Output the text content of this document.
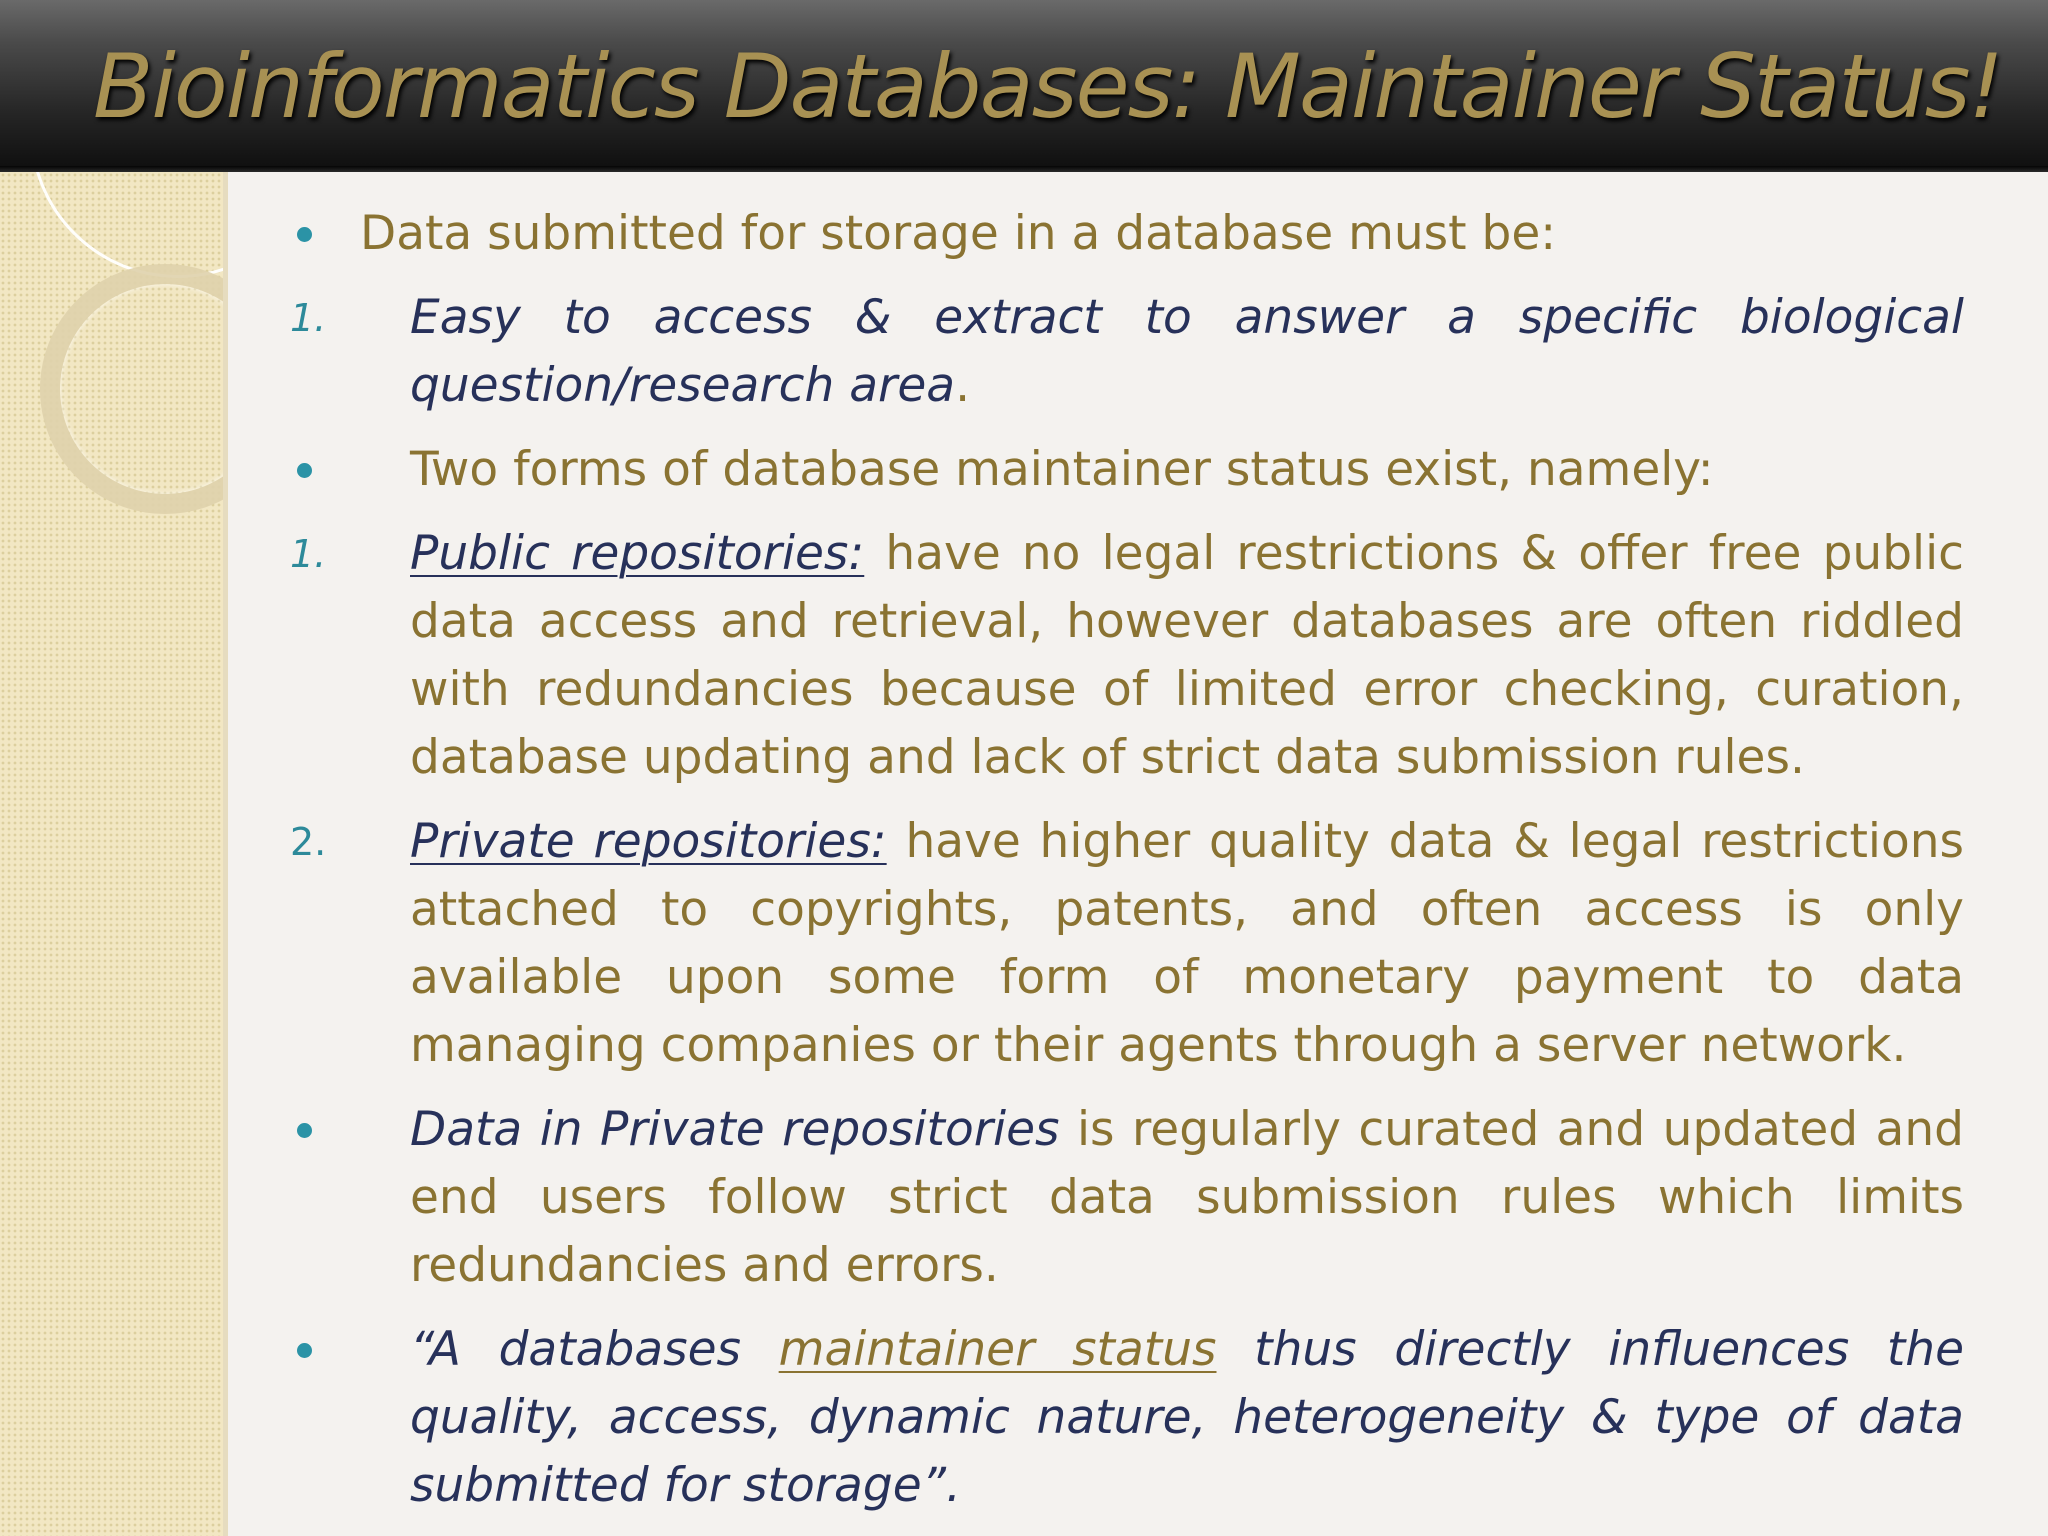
Bioinformatics Databases: Maintainer Status!
Data submitted for storage in a database must be:
1. Easy to access & extract to answer a specific biological question/research area.
Two forms of database maintainer status exist, namely:
1. Public repositories: have no legal restrictions & offer free public data access and retrieval, however databases are often riddled with redundancies because of limited error checking, curation, database updating and lack of strict data submission rules.
2. Private repositories: have higher quality data & legal restrictions attached to copyrights, patents, and often access is only available upon some form of monetary payment to data managing companies or their agents through a server network.
Data in Private repositories is regularly curated and updated and end users follow strict data submission rules which limits redundancies and errors.
“A databases maintainer status thus directly influences the quality, access, dynamic nature, heterogeneity & type of data submitted for storage”.
